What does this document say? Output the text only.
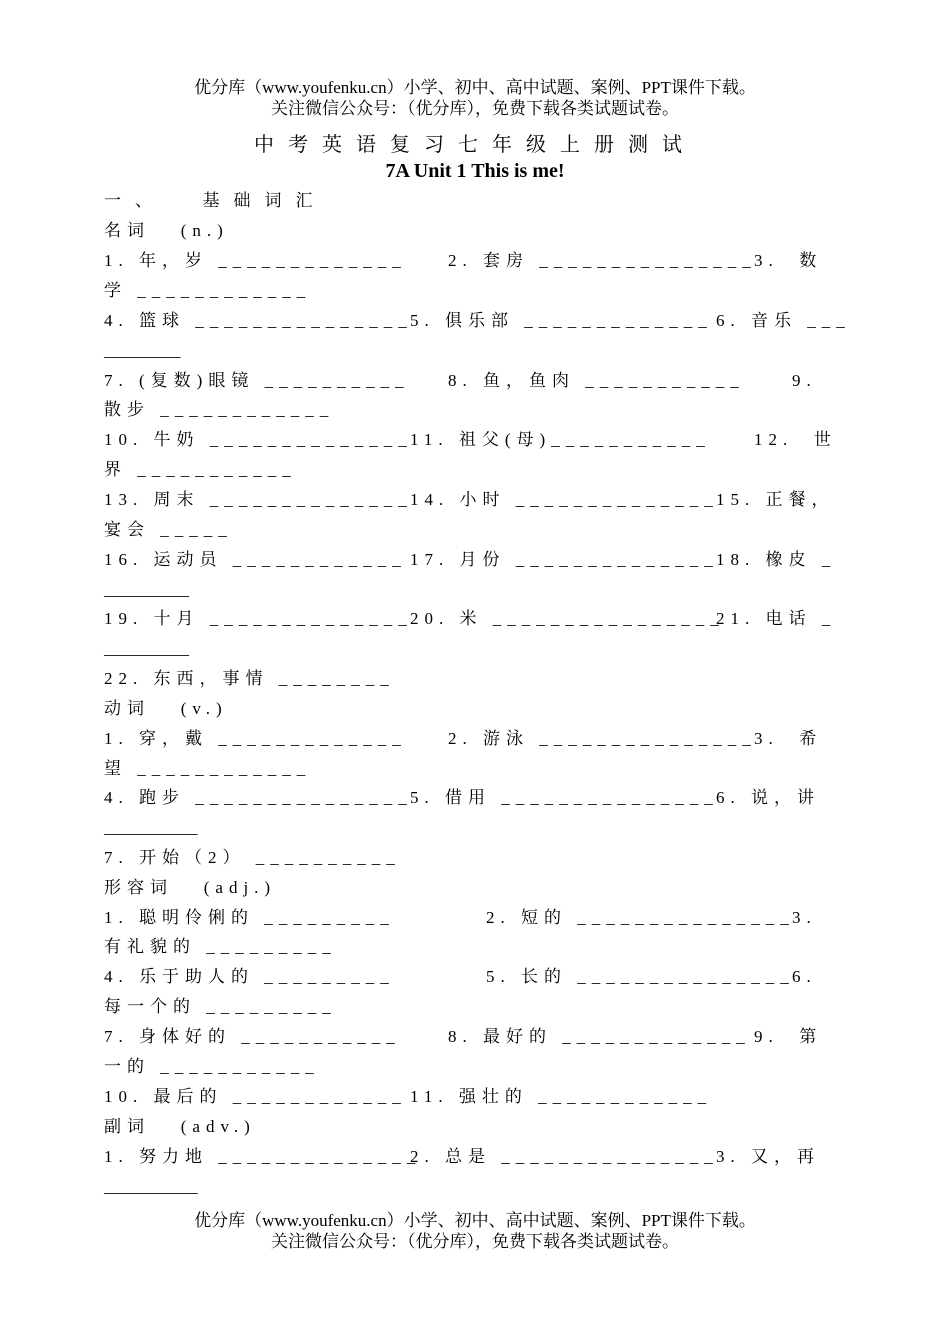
优分库（www.youfenku.cn）小学、初中、高中试题、案例、PPT课件下载。
关注微信公众号：（优分库），免费下载各类试题试卷。
中考英语复习七年级上册测试
7A Unit 1 This is me!
一、  基础词汇
名词   (n.)
1. 年，岁 _____________ 2. 套房 _______________
3.  数
学 ____________
4. 篮球 _______________
5. 俱乐部 _____________ 6. 音乐 ___
_________
7. (复数)眼镜 __________ 8. 鱼，鱼肉 ___________	9.
散步 ____________
10. 牛奶 ______________
11. 祖父(母)___________	12.  世
界 ___________
13. 周末 ______________
14. 小时 ______________
15. 正餐，
宴会 _____
16. 运动员 ____________ 17. 月份 ______________
18. 橡皮 _
__________
19. 十月 ______________
20. 米 ________________
21. 电话 _
__________
22. 东西，事情 ________
动词   (v.)
1. 穿，戴 _____________ 2. 游泳 _______________
3.  希
望 ____________
4. 跑步 _______________
5. 借用 _______________
6. 说，讲
___________
7. 开始（2） __________
形容词   (adj.)
1. 聪明伶俐的 _________	2. 短的 _______________
3.
有礼貌的 _________
4. 乐于助人的 _________	5. 长的 _______________
6.
每一个的 _________
7. 身体好的 ___________	8. 最好的 _____________ 9.  第
一的 ___________
10. 最后的 ____________ 11. 强壮的 ____________
副词   (adv.)
1. 努力地 ______________
2. 总是 _______________
3. 又，再
___________
优分库（www.youfenku.cn）小学、初中、高中试题、案例、PPT课件下载。
关注微信公众号：（优分库），免费下载各类试题试卷。
